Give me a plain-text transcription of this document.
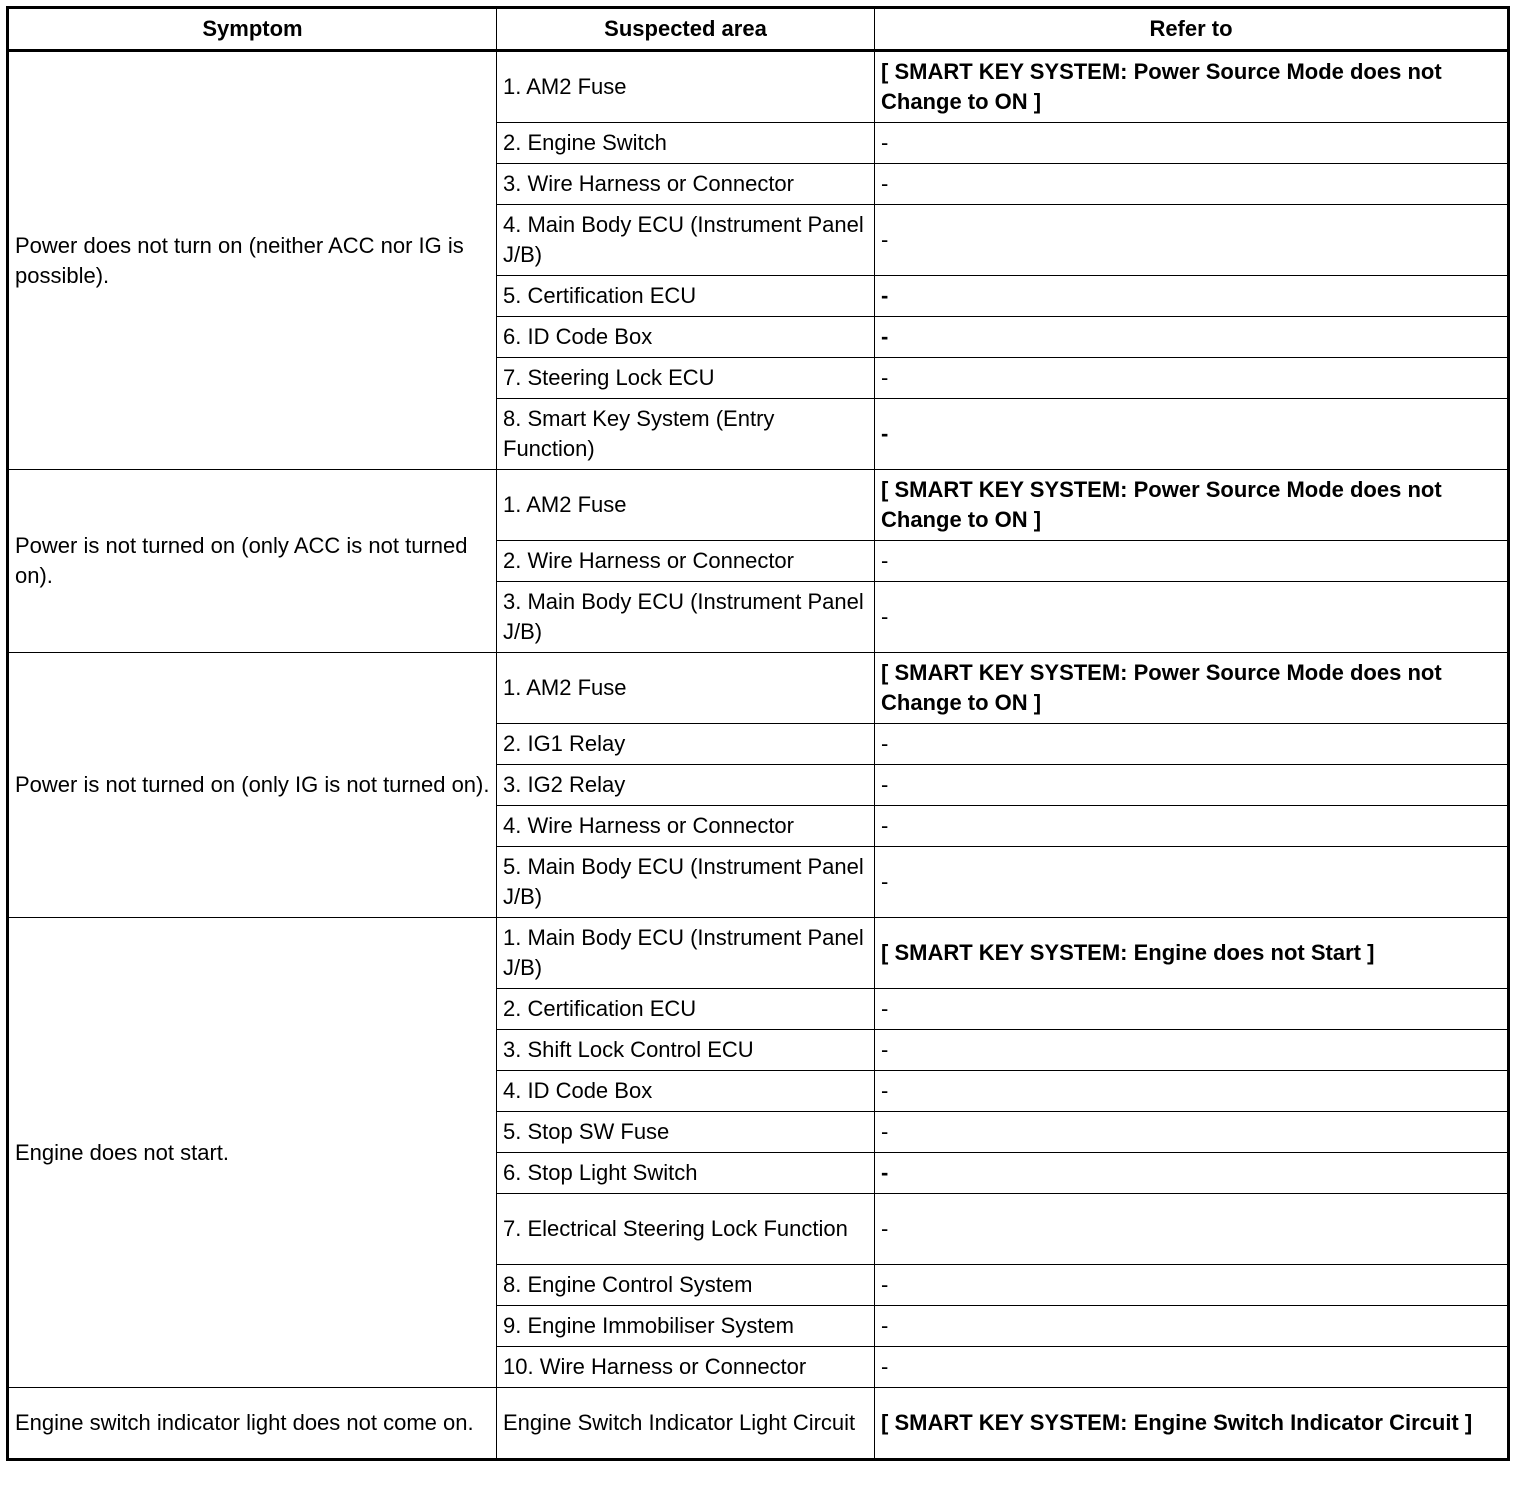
Symptom	Suspected area	Refer to
Power does not turn on (neither ACC nor IG is possible).	1. AM2 Fuse	[ SMART KEY SYSTEM: Power Source Mode does not Change to ON ]
	2. Engine Switch	-
	3. Wire Harness or Connector	-
	4. Main Body ECU (Instrument Panel J/B)	-
	5. Certification ECU	-
	6. ID Code Box	-
	7. Steering Lock ECU	-
	8. Smart Key System (Entry Function)	-
Power is not turned on (only ACC is not turned on).	1. AM2 Fuse	[ SMART KEY SYSTEM: Power Source Mode does not Change to ON ]
	2. Wire Harness or Connector	-
	3. Main Body ECU (Instrument Panel J/B)	-
Power is not turned on (only IG is not turned on).	1. AM2 Fuse	[ SMART KEY SYSTEM: Power Source Mode does not Change to ON ]
	2. IG1 Relay	-
	3. IG2 Relay	-
	4. Wire Harness or Connector	-
	5. Main Body ECU (Instrument Panel J/B)	-
Engine does not start.	1. Main Body ECU (Instrument Panel J/B)	[ SMART KEY SYSTEM: Engine does not Start ]
	2. Certification ECU	-
	3. Shift Lock Control ECU	-
	4. ID Code Box	-
	5. Stop SW Fuse	-
	6. Stop Light Switch	-
	7. Electrical Steering Lock Function	-
	8. Engine Control System	-
	9. Engine Immobiliser System	-
	10. Wire Harness or Connector	-
Engine switch indicator light does not come on.	Engine Switch Indicator Light Circuit	[ SMART KEY SYSTEM: Engine Switch Indicator Circuit ]
